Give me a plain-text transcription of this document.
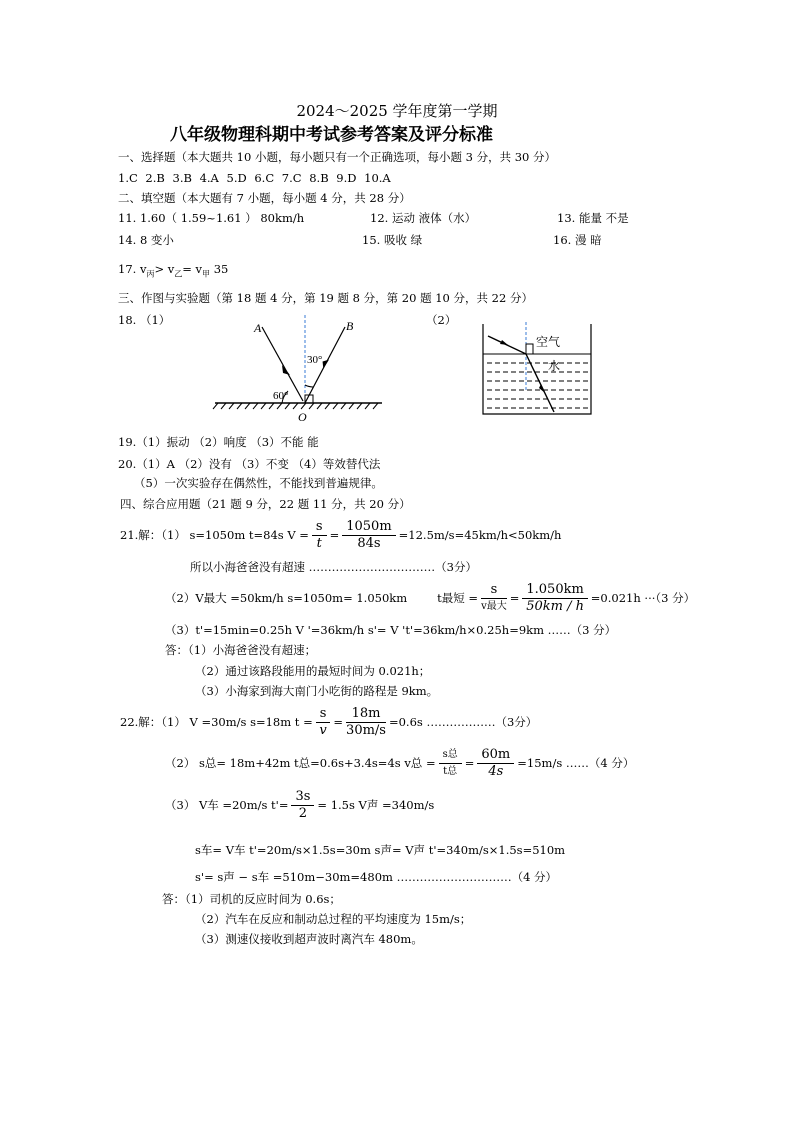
2024～2025 学年度第一学期
八年级物理科期中考试参考答案及评分标准
一、选择题（本大题共 10 小题，每小题只有一个正确选项，每小题 3 分，共 30 分）
1.C 2.B 3.B 4.A 5.D 6.C 7.C 8.B 9.D 10.A
二、填空题（本大题有 7 小题，每小题 4 分，共 28 分）
11. 1.60（ 1.59~1.61 ） 80km/h	12. 运动 液体（水）	13. 能量 不是
14. 8 变小	15. 吸收 绿	16. 漫 暗
17. $v_丙> v_乙= v_甲$ 35
三、作图与实验题（第 18 题 4 分，第 19 题 8 分，第 20 题 10 分，共 22 分）
18. （1）	（2）
A	B
O
30°
60°
空气
水
19.（1）振动 （2）响度 （3）不能 能
20.（1）A （2）没有 （3）不变 （4）等效替代法
（5）一次实验存在偶然性，不能找到普遍规律。
四、综合应用题（21 题 9 分，22 题 11 分，共 20 分）
21.解：（1） s=1050m t=84s $V = \frac{s}{t} = \frac{1050m}{84s} =12.5m/s=45km/h<50km/h$
所以小海爸爸没有超速 ……………………………（3分）
（2）V最大 =50km/h s=1050m= 1.050km	t最短 = $\frac{s}{\text{v最大}} = \frac{1.050km}{50km / h} =0.021h \cdot\cdot\cdot(3$ 分）
（3）t'=15min=0.25h V '=36km/h s'= V 't'=36km/h×0.25h=9km ……（3 分）
答：（1）小海爸爸没有超速；
（2）通过该路段能用的最短时间为 0.021h；
（3）小海家到海大南门小吃街的路程是 9km。
22.解：（1） V =30m/s s=18m $t = \frac{s}{v} = \frac{18m}{30m/s} =0.6s$ ………………（3分）
（2） s总= 18m+42m t总=0.6s+3.4s=4s v总 = $\frac{\text{s总}}{\text{t总}} = \frac{60m}{4s} =15m/s$ ……（4 分）
（3） V车 =20m/s $t'= \frac{3s}{2} = 1.5s$ V声 =340m/s
s车= V车 t'=20m/s×1.5s=30m s声= V声 t'=340m/s×1.5s=510m
s'= s声 − s车 =510m−30m=480m …………………………（4 分）
答：（1）司机的反应时间为 0.6s；
（2）汽车在反应和制动总过程的平均速度为 15m/s；
（3）测速仪接收到超声波时离汽车 480m。
